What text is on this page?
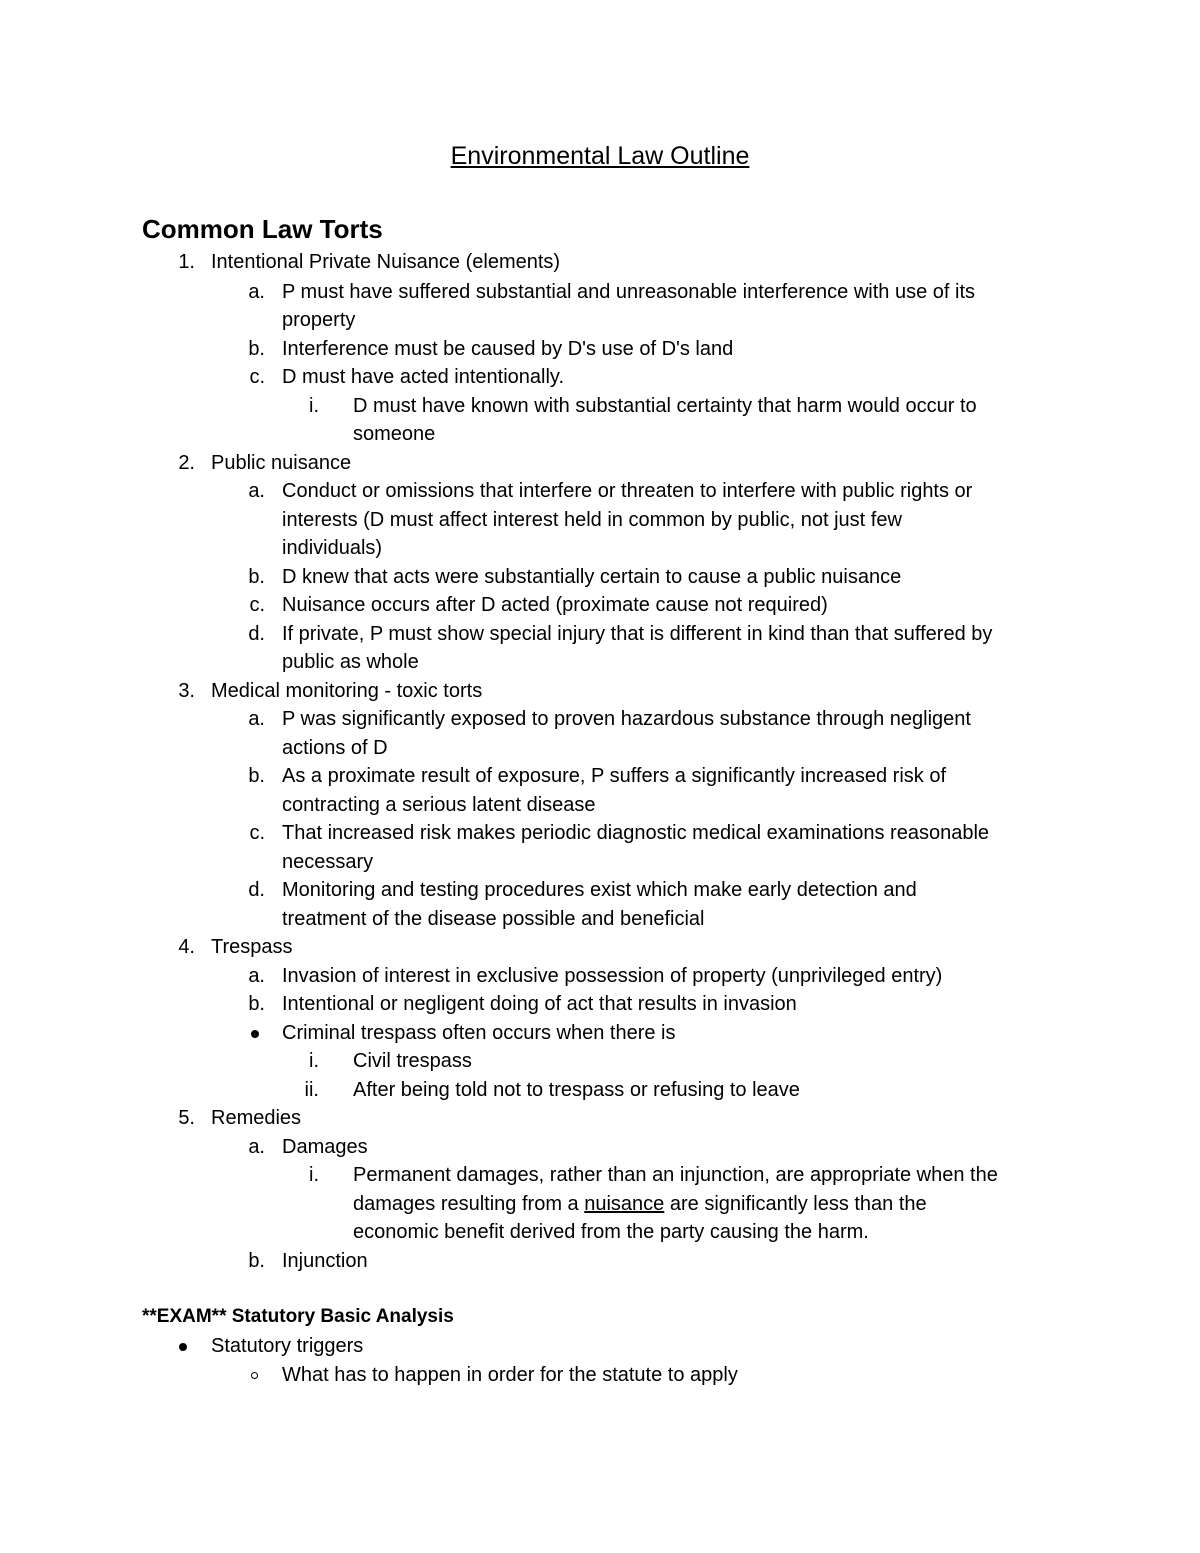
Environmental Law Outline
Common Law Torts
1. Intentional Private Nuisance (elements)
a. P must have suffered substantial and unreasonable interference with use of its
property
b. Interference must be caused by D's use of D's land
c. D must have acted intentionally.
i. D must have known with substantial certainty that harm would occur to
someone
2. Public nuisance
a. Conduct or omissions that interfere or threaten to interfere with public rights or
interests (D must affect interest held in common by public, not just few
individuals)
b. D knew that acts were substantially certain to cause a public nuisance
c. Nuisance occurs after D acted (proximate cause not required)
d. If private, P must show special injury that is different in kind than that suffered by
public as whole
3. Medical monitoring - toxic torts
a. P was significantly exposed to proven hazardous substance through negligent
actions of D
b. As a proximate result of exposure, P suffers a significantly increased risk of
contracting a serious latent disease
c. That increased risk makes periodic diagnostic medical examinations reasonable
necessary
d. Monitoring and testing procedures exist which make early detection and
treatment of the disease possible and beneficial
4. Trespass
a. Invasion of interest in exclusive possession of property (unprivileged entry)
b. Intentional or negligent doing of act that results in invasion
Criminal trespass often occurs when there is
i. Civil trespass
ii. After being told not to trespass or refusing to leave
5. Remedies
a. Damages
i. Permanent damages, rather than an injunction, are appropriate when the
damages resulting from a nuisance are significantly less than the
economic benefit derived from the party causing the harm.
b. Injunction
**EXAM** Statutory Basic Analysis
Statutory triggers
What has to happen in order for the statute to apply
